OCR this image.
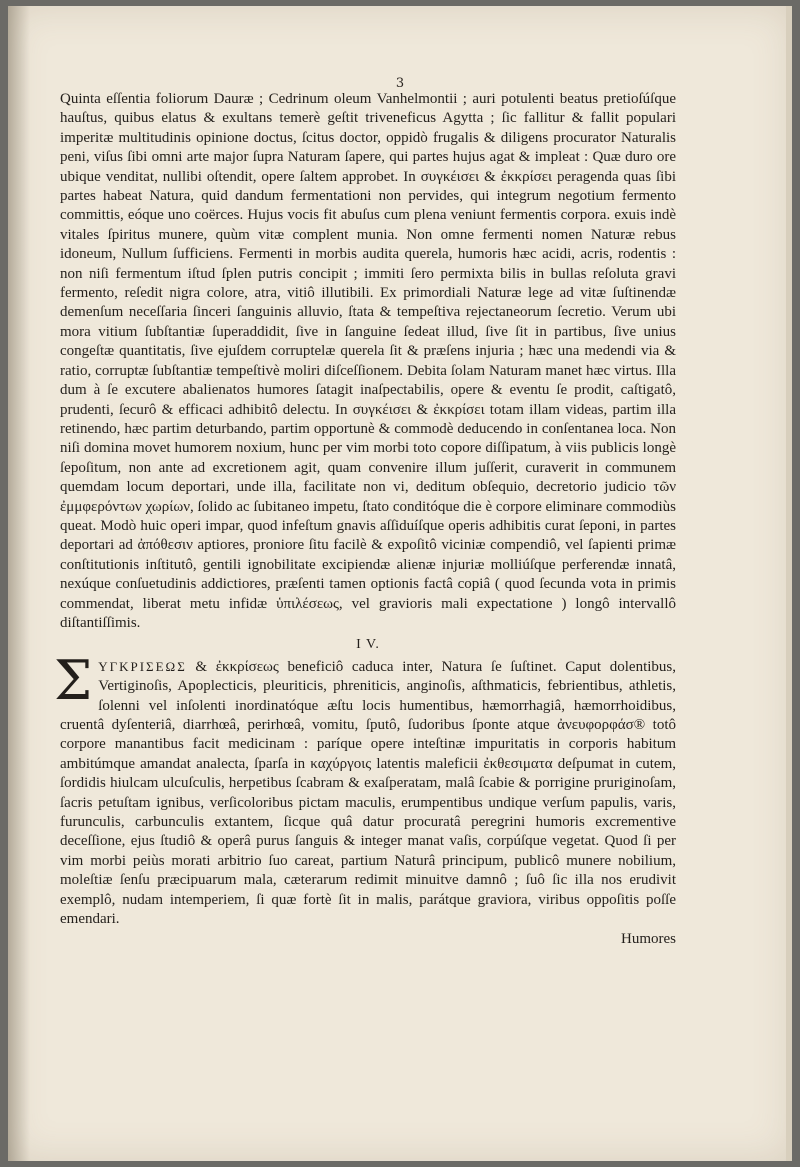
3

Quinta eſſentia foliorum Dauræ ; Cedrinum oleum Vanhelmontii ; auri potulenti beatus pretioſúſque hauſtus, quibus elatus & exultans temerè geſtit triveneficus Agytta ; ſic fallitur & fallit populari imperitæ multitudinis opinione doctus, ſcitus doctor, oppidò frugalis & diligens procurator Naturalis peni, viſus ſibi omni arte major ſupra Naturam ſapere, qui partes hujus agat & impleat : Quæ duro ore ubique venditat, nullibi oſtendit, opere ſaltem approbet. In συγκέισει & ἐκκρίσει peragenda quas ſibi partes habeat Natura, quid dandum fermentationi non pervides, qui integrum negotium fermento committis, eóque uno coërces. Hujus vocis fit abuſus cum plena veniunt fermentis corpora. exuis indè vitales ſpiritus munere, quùm vitæ complent munia. Non omne fermenti nomen Naturæ rebus idoneum, Nullum ſufficiens. Fermenti in morbis audita querela, humoris hæc acidi, acris, rodentis : non niſi fermentum iſtud ſplen putris concipit ; immiti ſero permixta bilis in bullas reſoluta gravi fermento, reſedit nigra colore, atra, vitiô illutibili. Ex primordiali Naturæ lege ad vitæ ſuſtinendæ demenſum neceſſaria ſinceri ſanguinis alluvio, ſtata & tempeſtiva rejectaneorum ſecretio. Verum ubi mora vitium ſubſtantiæ ſuperaddidit, ſive in ſanguine ſedeat illud, ſive ſit in partibus, ſive unius congeſtæ quantitatis, ſive ejuſdem corruptelæ querela ſit & præſens injuria ; hæc una medendi via & ratio, corruptæ ſubſtantiæ tempeſtivè moliri diſceſſionem. Debita ſolam Naturam manet hæc virtus. Illa dum à ſe excutere abalienatos humores ſatagit inaſpectabilis, opere & eventu ſe prodit, caſtigatô, prudenti, ſecurô & efficaci adhibitô delectu. In συγκέισει & ἐκκρίσει totam illam videas, partim illa retinendo, hæc partim deturbando, partim opportunè & commodè deducendo in conſentanea loca. Non niſi domina movet humorem noxium, hunc per vim morbi toto copore diſſipatum, à viis publicis longè ſepoſitum, non ante ad excretionem agit, quam convenire illum juſſerit, curaverit in communem quemdam locum deportari, unde illa, facilitate non vi, deditum obſequio, decretorio judicio τῶν ἐμμφερόντων χωρίων, ſolido ac ſubitaneo impetu, ſtato conditóque die è corpore eliminare commodiùs queat. Modò huic operi impar, quod infeſtum gnavis aſſiduíſque operis adhibitis curat ſeponi, in partes deportari ad ἀπόθεσιν aptiores, proniore ſitu facilè & expoſitô viciniæ compendiô, vel ſapienti primæ conſtitutionis inſtitutô, gentili ignobilitate excipiendæ alienæ injuriæ molliúſque perferendæ innatâ, nexúque conſuetudinis addictiores, præſenti tamen optionis factâ copiâ ( quod ſecunda vota in primis commendat, liberat metu infidæ ὑπιλέσεως, vel gravioris mali expectatione ) longô intervallô diſtantiſſimis.

I V.

ΣΥΓΚΡΙΣΕΩΣ & ἐκκρίσεως beneficiô caduca inter, Natura ſe ſuſtinet. Caput dolentibus, Vertiginoſis, Apoplecticis, pleuriticis, phreniticis, anginoſis, aſthmaticis, febrientibus, athletis, ſolenni vel inſolenti inordinatóque æſtu locis humentibus, hæmorrhagiâ, hæmorrhoidibus, cruentâ dyſenteriâ, diarrhœâ, perirhœâ, vomitu, ſputô, ſudoribus ſponte atque ἀνευφορφάσ® totô corpore manantibus facit medicinam : paríque opere inteſtinæ impuritatis in corporis habitum ambitúmque amandat analecta, ſparſa in καχύργοις latentis maleficii ἐκθεσιματα deſpumat in cutem, ſordidis hiulcam ulcuſculis, herpetibus ſcabram & exaſperatam, malâ ſcabie & porrigine pruriginoſam, ſacris petuſtam ignibus, verſicoloribus pictam maculis, erumpentibus undique verſum papulis, varis, furunculis, carbunculis extantem, ſicque quâ datur procuratâ peregrini humoris excrementive deceſſione, ejus ſtudiô & operâ purus ſanguis & integer manat vaſis, corpúſque vegetat. Quod ſi per vim morbi peiùs morati arbitrio ſuo careat, partium Naturâ principum, publicô munere nobilium, moleſtiæ ſenſu præcipuarum mala, cæterarum redimit minuitve damnô ; ſuô ſic illa nos erudivit exemplô, nudam intemperiem, ſi quæ fortè ſit in malis, parátque graviora, viribus oppoſitis poſſe emendari.
Humores
